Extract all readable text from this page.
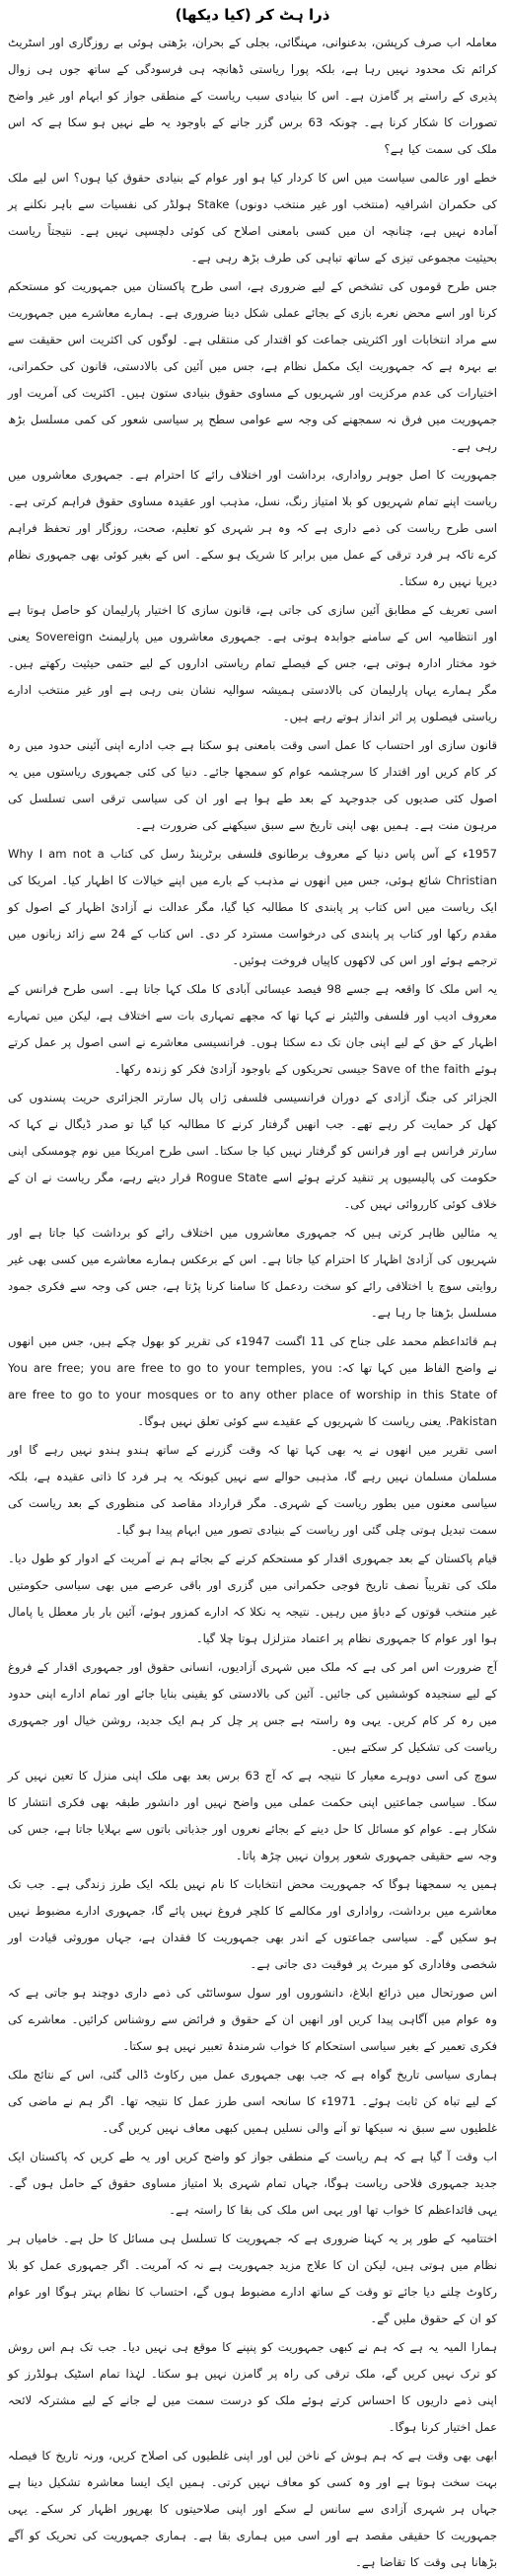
ذرا ہٹ کر (کیا دیکھا)

معاملہ اب صرف کرپشن، بدعنوانی، مہنگائی، بجلی کے بحران، بڑھتی ہوئی بے روزگاری اور اسٹریٹ کرائم تک محدود نہیں رہا ہے، بلکہ پورا ریاستی ڈھانچہ ہی فرسودگی کے ساتھ جوں ہی زوال پذیری کے راستے پر گامزن ہے۔ اس کا بنیادی سبب ریاست کے منطقی جواز کو ابہام اور غیر واضح تصورات کا شکار کرنا ہے۔ چونکہ 63 برس گزر جانے کے باوجود یہ طے نہیں ہو سکا ہے کہ اس ملک کی سمت کیا ہے؟

خطے اور عالمی سیاست میں اس کا کردار کیا ہو اور عوام کے بنیادی حقوق کیا ہوں؟ اس لیے ملک کی حکمران اشرافیہ (منتخب اور غیر منتخب دونوں) Stake ہولڈر کی نفسیات سے باہر نکلنے پر آمادہ نہیں ہے، چنانچہ ان میں کسی بامعنی اصلاح کی کوئی دلچسپی نہیں ہے۔ نتیجتاً ریاست بحیثیت مجموعی تیزی کے ساتھ تباہی کی طرف بڑھ رہی ہے۔

جس طرح قوموں کی تشخص کے لیے ضروری ہے، اسی طرح پاکستان میں جمہوریت کو مستحکم کرنا اور اسے محض نعرے بازی کے بجائے عملی شکل دینا ضروری ہے۔ ہمارے معاشرے میں جمہوریت سے مراد انتخابات اور اکثریتی جماعت کو اقتدار کی منتقلی ہے۔ لوگوں کی اکثریت اس حقیقت سے بے بہرہ ہے کہ جمہوریت ایک مکمل نظام ہے، جس میں آئین کی بالادستی، قانون کی حکمرانی، اختیارات کی عدم مرکزیت اور شہریوں کے مساوی حقوق بنیادی ستون ہیں۔ اکثریت کی آمریت اور جمہوریت میں فرق نہ سمجھنے کی وجہ سے عوامی سطح پر سیاسی شعور کی کمی مسلسل بڑھ رہی ہے۔

جمہوریت کا اصل جوہر رواداری، برداشت اور اختلاف رائے کا احترام ہے۔ جمہوری معاشروں میں ریاست اپنے تمام شہریوں کو بلا امتیاز رنگ، نسل، مذہب اور عقیدہ مساوی حقوق فراہم کرتی ہے۔ اسی طرح ریاست کی ذمے داری ہے کہ وہ ہر شہری کو تعلیم، صحت، روزگار اور تحفظ فراہم کرے تاکہ ہر فرد ترقی کے عمل میں برابر کا شریک ہو سکے۔ اس کے بغیر کوئی بھی جمہوری نظام دیرپا نہیں رہ سکتا۔

اسی تعریف کے مطابق آئین سازی کی جاتی ہے، قانون سازی کا اختیار پارلیمان کو حاصل ہوتا ہے اور انتظامیہ اس کے سامنے جوابدہ ہوتی ہے۔ جمہوری معاشروں میں پارلیمنٹ Sovereign یعنی خود مختار ادارہ ہوتی ہے، جس کے فیصلے تمام ریاستی اداروں کے لیے حتمی حیثیت رکھتے ہیں۔ مگر ہمارے یہاں پارلیمان کی بالادستی ہمیشہ سوالیہ نشان بنی رہی ہے اور غیر منتخب ادارے ریاستی فیصلوں پر اثر انداز ہوتے رہے ہیں۔

قانون سازی اور احتساب کا عمل اسی وقت بامعنی ہو سکتا ہے جب ادارے اپنی آئینی حدود میں رہ کر کام کریں اور اقتدار کا سرچشمہ عوام کو سمجھا جائے۔ دنیا کی کئی جمہوری ریاستوں میں یہ اصول کئی صدیوں کی جدوجہد کے بعد طے ہوا ہے اور ان کی سیاسی ترقی اسی تسلسل کی مرہون منت ہے۔ ہمیں بھی اپنی تاریخ سے سبق سیکھنے کی ضرورت ہے۔

1957ء کے آس پاس دنیا کے معروف برطانوی فلسفی برٹرینڈ رسل کی کتاب Why I am not a Christian شائع ہوئی، جس میں انھوں نے مذہب کے بارے میں اپنے خیالات کا اظہار کیا۔ امریکا کی ایک ریاست میں اس کتاب پر پابندی کا مطالبہ کیا گیا، مگر عدالت نے آزادیٔ اظہار کے اصول کو مقدم رکھا اور کتاب پر پابندی کی درخواست مسترد کر دی۔ اس کتاب کے 24 سے زائد زبانوں میں ترجمے ہوئے اور اس کی لاکھوں کاپیاں فروخت ہوئیں۔

یہ اس ملک کا واقعہ ہے جسے 98 فیصد عیسائی آبادی کا ملک کہا جاتا ہے۔ اسی طرح فرانس کے معروف ادیب اور فلسفی والٹیئر نے کہا تھا کہ مجھے تمہاری بات سے اختلاف ہے، لیکن میں تمہارے اظہار کے حق کے لیے اپنی جان تک دے سکتا ہوں۔ فرانسیسی معاشرے نے اسی اصول پر عمل کرتے ہوئے Save of the faith جیسی تحریکوں کے باوجود آزادیٔ فکر کو زندہ رکھا۔

الجزائر کی جنگ آزادی کے دوران فرانسیسی فلسفی ژاں پال سارتر الجزائری حریت پسندوں کی کھل کر حمایت کر رہے تھے۔ جب انھیں گرفتار کرنے کا مطالبہ کیا گیا تو صدر ڈیگال نے کہا کہ سارتر فرانس ہے اور فرانس کو گرفتار نہیں کیا جا سکتا۔ اسی طرح امریکا میں نوم چومسکی اپنی حکومت کی پالیسیوں پر تنقید کرتے ہوئے اسے Rogue State قرار دیتے رہے، مگر ریاست نے ان کے خلاف کوئی کارروائی نہیں کی۔

یہ مثالیں ظاہر کرتی ہیں کہ جمہوری معاشروں میں اختلاف رائے کو برداشت کیا جاتا ہے اور شہریوں کی آزادیٔ اظہار کا احترام کیا جاتا ہے۔ اس کے برعکس ہمارے معاشرے میں کسی بھی غیر روایتی سوچ یا اختلافی رائے کو سخت ردعمل کا سامنا کرنا پڑتا ہے، جس کی وجہ سے فکری جمود مسلسل بڑھتا جا رہا ہے۔

ہم قائداعظم محمد علی جناح کی 11 اگست 1947ء کی تقریر کو بھول چکے ہیں، جس میں انھوں نے واضح الفاظ میں کہا تھا کہ: You are free; you are free to go to your temples, you are free to go to your mosques or to any other place of worship in this State of Pakistan. یعنی ریاست کا شہریوں کے عقیدے سے کوئی تعلق نہیں ہوگا۔

اسی تقریر میں انھوں نے یہ بھی کہا تھا کہ وقت گزرنے کے ساتھ ہندو ہندو نہیں رہے گا اور مسلمان مسلمان نہیں رہے گا، مذہبی حوالے سے نہیں کیونکہ یہ ہر فرد کا ذاتی عقیدہ ہے، بلکہ سیاسی معنوں میں بطور ریاست کے شہری۔ مگر قرارداد مقاصد کی منظوری کے بعد ریاست کی سمت تبدیل ہوتی چلی گئی اور ریاست کے بنیادی تصور میں ابہام پیدا ہو گیا۔

قیام پاکستان کے بعد جمہوری اقدار کو مستحکم کرنے کے بجائے ہم نے آمریت کے ادوار کو طول دیا۔ ملک کی تقریباً نصف تاریخ فوجی حکمرانی میں گزری اور باقی عرصے میں بھی سیاسی حکومتیں غیر منتخب قوتوں کے دباؤ میں رہیں۔ نتیجہ یہ نکلا کہ ادارے کمزور ہوئے، آئین بار بار معطل یا پامال ہوا اور عوام کا جمہوری نظام پر اعتماد متزلزل ہوتا چلا گیا۔

آج ضرورت اس امر کی ہے کہ ملک میں شہری آزادیوں، انسانی حقوق اور جمہوری اقدار کے فروغ کے لیے سنجیدہ کوششیں کی جائیں۔ آئین کی بالادستی کو یقینی بنایا جائے اور تمام ادارے اپنی حدود میں رہ کر کام کریں۔ یہی وہ راستہ ہے جس پر چل کر ہم ایک جدید، روشن خیال اور جمہوری ریاست کی تشکیل کر سکتے ہیں۔

سوچ کی اسی دوہرے معیار کا نتیجہ ہے کہ آج 63 برس بعد بھی ملک اپنی منزل کا تعین نہیں کر سکا۔ سیاسی جماعتیں اپنی حکمت عملی میں واضح نہیں اور دانشور طبقہ بھی فکری انتشار کا شکار ہے۔ عوام کو مسائل کا حل دینے کے بجائے نعروں اور جذباتی باتوں سے بہلایا جاتا ہے، جس کی وجہ سے حقیقی جمہوری شعور پروان نہیں چڑھ پاتا۔

ہمیں یہ سمجھنا ہوگا کہ جمہوریت محض انتخابات کا نام نہیں بلکہ ایک طرز زندگی ہے۔ جب تک معاشرے میں برداشت، رواداری اور مکالمے کا کلچر فروغ نہیں پائے گا، جمہوری ادارے مضبوط نہیں ہو سکیں گے۔ سیاسی جماعتوں کے اندر بھی جمہوریت کا فقدان ہے، جہاں موروثی قیادت اور شخصی وفاداری کو میرٹ پر فوقیت دی جاتی ہے۔

اس صورتحال میں ذرائع ابلاغ، دانشوروں اور سول سوسائٹی کی ذمے داری دوچند ہو جاتی ہے کہ وہ عوام میں آگاہی پیدا کریں اور انھیں ان کے حقوق و فرائض سے روشناس کرائیں۔ معاشرے کی فکری تعمیر کے بغیر سیاسی استحکام کا خواب شرمندۂ تعبیر نہیں ہو سکتا۔

ہماری سیاسی تاریخ گواہ ہے کہ جب بھی جمہوری عمل میں رکاوٹ ڈالی گئی، اس کے نتائج ملک کے لیے تباہ کن ثابت ہوئے۔ 1971ء کا سانحہ اسی طرز عمل کا نتیجہ تھا۔ اگر ہم نے ماضی کی غلطیوں سے سبق نہ سیکھا تو آنے والی نسلیں ہمیں کبھی معاف نہیں کریں گی۔

اب وقت آ گیا ہے کہ ہم ریاست کے منطقی جواز کو واضح کریں اور یہ طے کریں کہ پاکستان ایک جدید جمہوری فلاحی ریاست ہوگا، جہاں تمام شہری بلا امتیاز مساوی حقوق کے حامل ہوں گے۔ یہی قائداعظم کا خواب تھا اور یہی اس ملک کی بقا کا راستہ ہے۔

اختتامیہ کے طور پر یہ کہنا ضروری ہے کہ جمہوریت کا تسلسل ہی مسائل کا حل ہے۔ خامیاں ہر نظام میں ہوتی ہیں، لیکن ان کا علاج مزید جمہوریت ہے نہ کہ آمریت۔ اگر جمہوری عمل کو بلا رکاوٹ چلنے دیا جائے تو وقت کے ساتھ ادارے مضبوط ہوں گے، احتساب کا نظام بہتر ہوگا اور عوام کو ان کے حقوق ملیں گے۔

ہمارا المیہ یہ ہے کہ ہم نے کبھی جمہوریت کو پنپنے کا موقع ہی نہیں دیا۔ جب تک ہم اس روش کو ترک نہیں کریں گے، ملک ترقی کی راہ پر گامزن نہیں ہو سکتا۔ لہٰذا تمام اسٹیک ہولڈرز کو اپنی ذمے داریوں کا احساس کرتے ہوئے ملک کو درست سمت میں لے جانے کے لیے مشترکہ لائحہ عمل اختیار کرنا ہوگا۔

ابھی بھی وقت ہے کہ ہم ہوش کے ناخن لیں اور اپنی غلطیوں کی اصلاح کریں، ورنہ تاریخ کا فیصلہ بہت سخت ہوتا ہے اور وہ کسی کو معاف نہیں کرتی۔ ہمیں ایک ایسا معاشرہ تشکیل دینا ہے جہاں ہر شہری آزادی سے سانس لے سکے اور اپنی صلاحیتوں کا بھرپور اظہار کر سکے۔ یہی جمہوریت کا حقیقی مقصد ہے اور اسی میں ہماری بقا ہے۔ ہماری جمہوریت کی تحریک کو آگے بڑھانا ہی وقت کا تقاضا ہے۔
